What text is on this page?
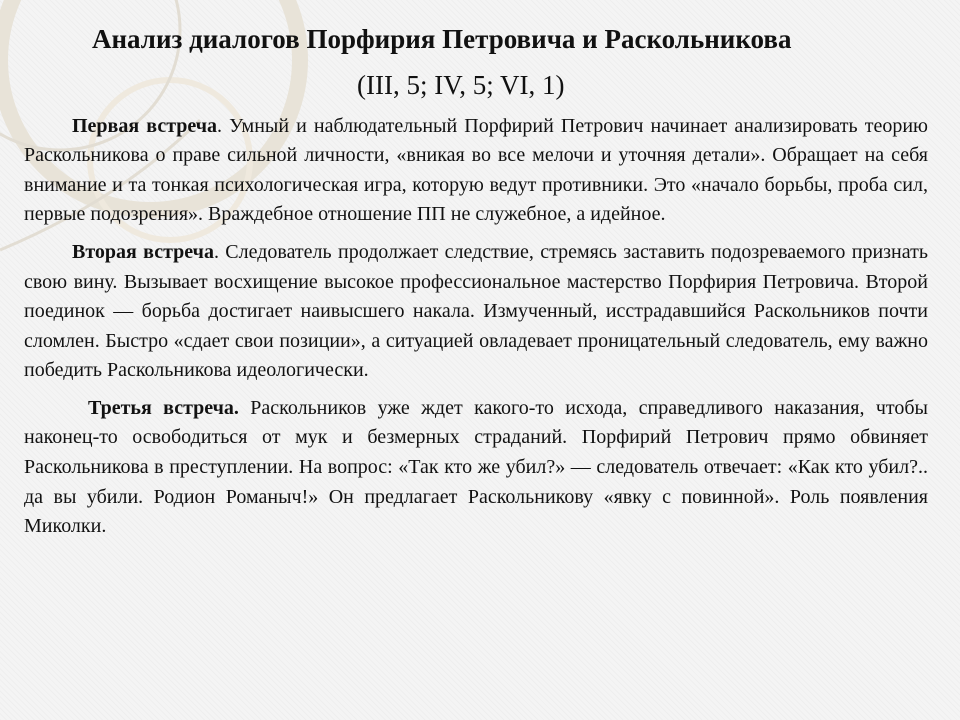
Анализ диалогов Порфирия Петровича и Раскольникова
(III, 5; IV, 5; VI, 1)

Первая встреча. Умный и наблюдательный Порфирий Петрович начинает анализировать теорию Раскольникова о праве сильной личности, «вникая во все мелочи и уточняя детали». Обращает на себя внимание и та тонкая психологическая игра, которую ведут противники. Это «начало борьбы, проба сил, первые подозрения». Враждебное отношение ПП не служебное, а идейное.

Вторая встреча. Следователь продолжает следствие, стремясь заставить подозреваемого признать свою вину. Вызывает восхищение высокое профессиональное мастерство Порфирия Петровича. Второй поединок — борьба достигает наивысшего накала. Измученный, исстрадавшийся Раскольников почти сломлен. Быстро «сдает свои позиции», а ситуацией овладевает проницательный следователь, ему важно победить Раскольникова идеологически.

Третья встреча. Раскольников уже ждет какого-то исхода, справедливого наказания, чтобы наконец-то освободиться от мук и безмерных страданий. Порфирий Петрович прямо обвиняет Раскольникова в преступлении. На вопрос: «Так кто же убил?» — следователь отвечает: «Как кто убил?.. да вы убили. Родион Романыч!» Он предлагает Раскольникову «явку с повинной». Роль появления Миколки.
